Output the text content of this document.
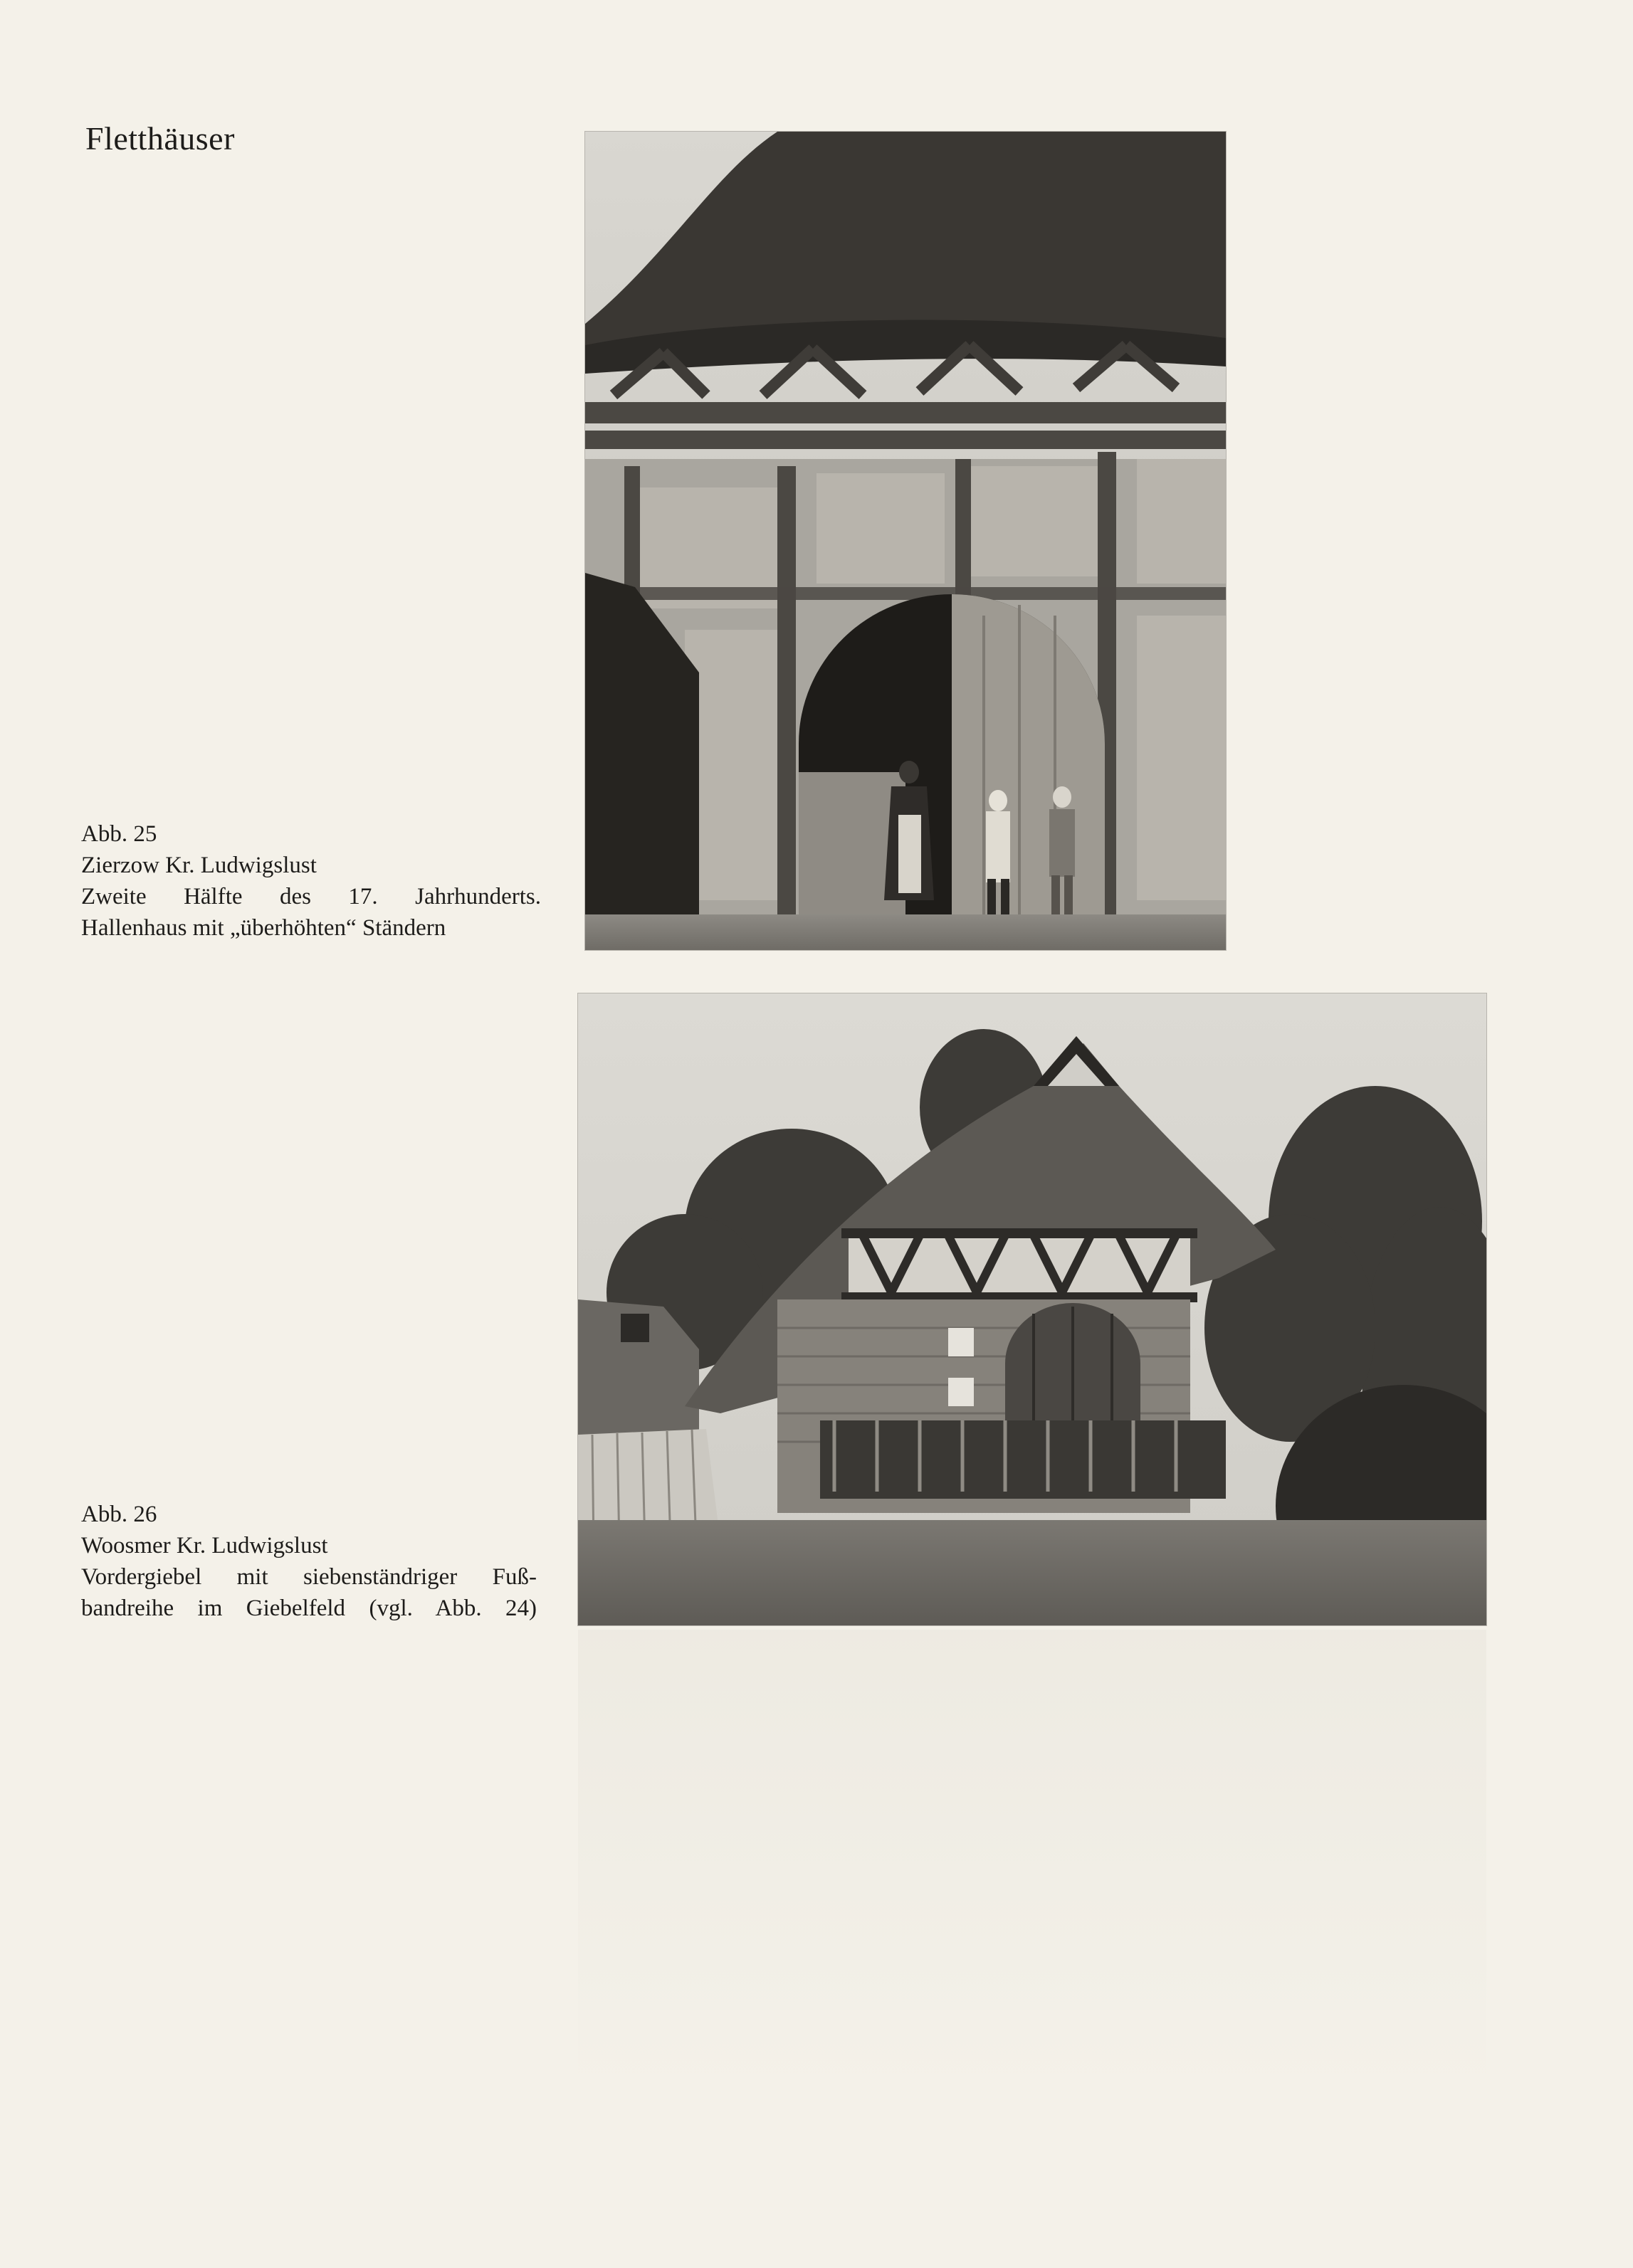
Fletthäuser
Abb. 25
Zierzow Kr. Ludwigslust
Zweite Hälfte des 17. Jahrhunderts.
Hallenhaus mit „überhöhten“ Ständern
Abb. 26
Woosmer Kr. Ludwigslust
Vordergiebel mit siebenständriger Fuß-
bandreihe im Giebelfeld (vgl. Abb. 24)
